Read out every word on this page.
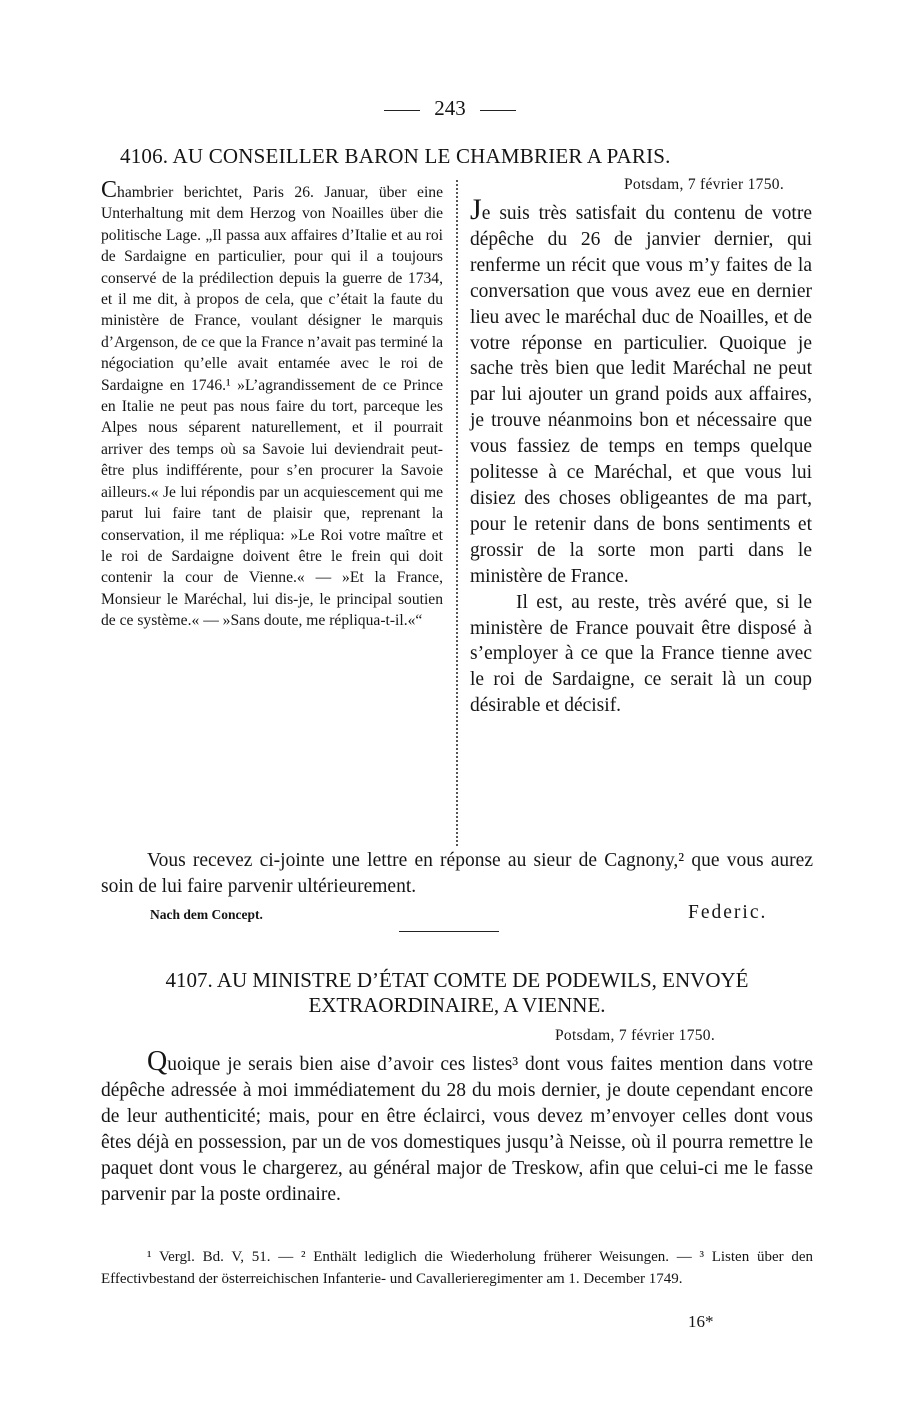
243
4106. AU CONSEILLER BARON LE CHAMBRIER A PARIS.
Chambrier berichtet, Paris 26. Januar, über eine Unterhaltung mit dem Herzog von Noailles über die politische Lage. „Il passa aux affaires d’Italie et au roi de Sardaigne en particulier, pour qui il a toujours conservé de la prédilection depuis la guerre de 1734, et il me dit, à propos de cela, que c’était la faute du ministère de France, voulant désigner le marquis d’Argenson, de ce que la France n’avait pas terminé la négociation qu’elle avait entamée avec le roi de Sardaigne en 1746.¹ »L’agrandissement de ce Prince en Italie ne peut pas nous faire du tort, parceque les Alpes nous séparent naturellement, et il pourrait arriver des temps où sa Savoie lui deviendrait peut-être plus indifférente, pour s’en procurer la Savoie ailleurs.« Je lui répondis par un acquiescement qui me parut lui faire tant de plaisir que, reprenant la conservation, il me répliqua: »Le Roi votre maître et le roi de Sardaigne doivent être le frein qui doit contenir la cour de Vienne.« — »Et la France, Monsieur le Maréchal, lui dis-je, le principal soutien de ce système.« — »Sans doute, me répliqua-t-il.«“
Potsdam, 7 février 1750.

Je suis très satisfait du contenu de votre dépêche du 26 de janvier dernier, qui renferme un récit que vous m’y faites de la conversation que vous avez eue en dernier lieu avec le maréchal duc de Noailles, et de votre réponse en particulier. Quoique je sache très bien que ledit Maréchal ne peut par lui ajouter un grand poids aux affaires, je trouve néanmoins bon et nécessaire que vous fassiez de temps en temps quelque politesse à ce Maréchal, et que vous lui disiez des choses obligeantes de ma part, pour le retenir dans de bons sentiments et grossir de la sorte mon parti dans le ministère de France.

Il est, au reste, très avéré que, si le ministère de France pouvait être disposé à s’employer à ce que la France tienne avec le roi de Sardaigne, ce serait là un coup désirable et décisif.

Vous recevez ci-jointe une lettre en réponse au sieur de Cagnony,² que vous aurez soin de lui faire parvenir ultérieurement.

Nach dem Concept.	Federic.
4107. AU MINISTRE D’ÉTAT COMTE DE PODEWILS, ENVOYÉ EXTRAORDINAIRE, A VIENNE.
Potsdam, 7 février 1750.

Quoique je serais bien aise d’avoir ces listes³ dont vous faites mention dans votre dépêche adressée à moi immédiatement du 28 du mois dernier, je doute cependant encore de leur authenticité; mais, pour en être éclairci, vous devez m’envoyer celles dont vous êtes déjà en possession, par un de vos domestiques jusqu’à Neisse, où il pourra remettre le paquet dont vous le chargerez, au général major de Treskow, afin que celui-ci me le fasse parvenir par la poste ordinaire.

¹ Vergl. Bd. V, 51. — ² Enthält lediglich die Wiederholung früherer Weisungen. — ³ Listen über den Effectivbestand der österreichischen Infanterie- und Cavallerieregimenter am 1. December 1749.

16*
